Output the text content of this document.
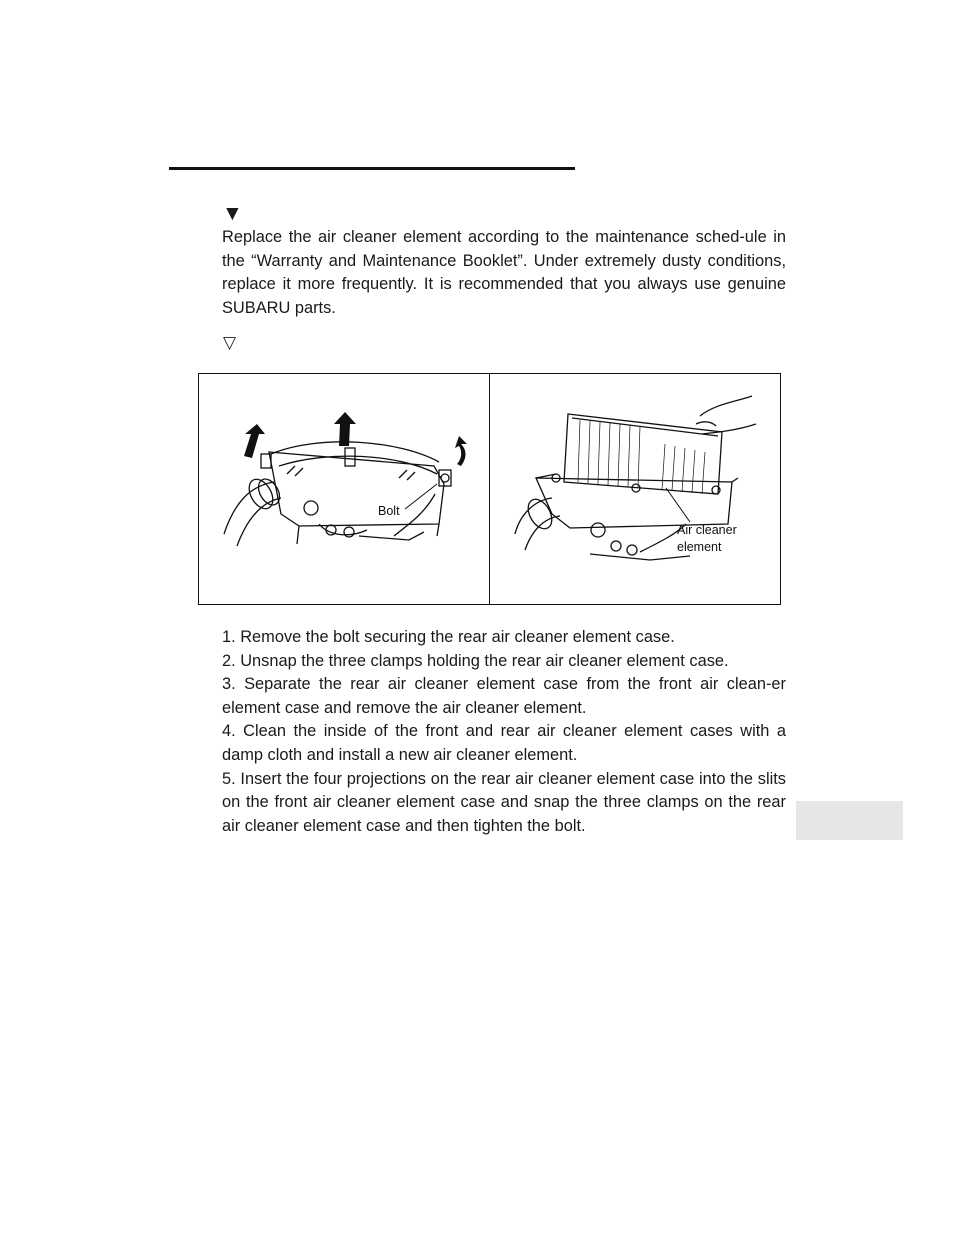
▼

Replace the air cleaner element according to the maintenance sched-ule in the “Warranty and Maintenance Booklet”. Under extremely dusty conditions, replace it more frequently. It is recommended that you always use genuine SUBARU parts.

▽
Bolt
Air cleaner
element
1. Remove the bolt securing the rear air cleaner element case.
2. Unsnap the three clamps holding the rear air cleaner element case.
3. Separate the rear air cleaner element case from the front air clean-er element case and remove the air cleaner element.
4. Clean the inside of the front and rear air cleaner element cases with a damp cloth and install a new air cleaner element.
5. Insert the four projections on the rear air cleaner element case into the slits on the front air cleaner element case and snap the three clamps on the rear air cleaner element case and then tighten the bolt.
